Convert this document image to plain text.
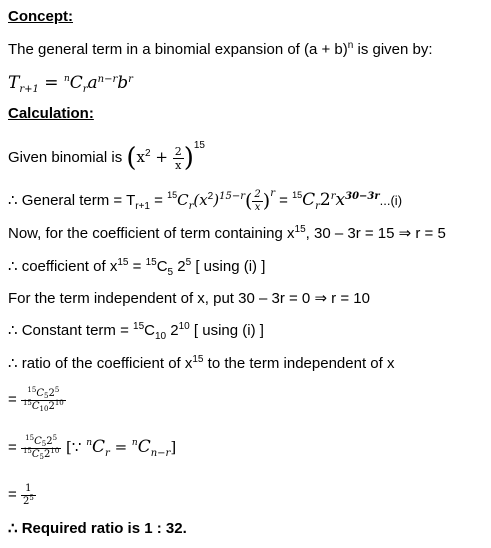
Concept:
The general term in a binomial expansion of $(a + b)^n$ is given by:
$T_{r+1} = ^nC_ra^{n-r}b^r$
Calculation:
Given binomial is $(x^2 + \frac{2}{x} )^{15}$
∴ General term = $T_{r+1} = ^{15}C_r(x^2)^{15-r}( \frac{2}{x} )^r = ^{15}C_r2^rx^{30-3r}...(i)$
Now, for the coefficient of term containing $x^{15}$, 30 – 3r = 15 ⇒ r = 5
∴ coefficient of $x^{15} = ^{15}C_5$ $2^5$ [ using (i) ]
For the term independent of x, put 30 – 3r = 0 ⇒ r = 10
∴ Constant term = $^{15}C_{10}$ $2^{10}$ [ using (i) ]
∴ ratio of the coefficient of $x^{15}$ to the term independent of x
= $\frac{^{15}C_52^5}{^{15}C_{10}2^{10}}$
= $\frac{^{15}C_52^5}{^{15}C_52^{10}}$ [∵ $^nC_r = ^nC_{n-r}$]
= $\frac{1}{2^5}$
∴ Required ratio is 1 : 32.
